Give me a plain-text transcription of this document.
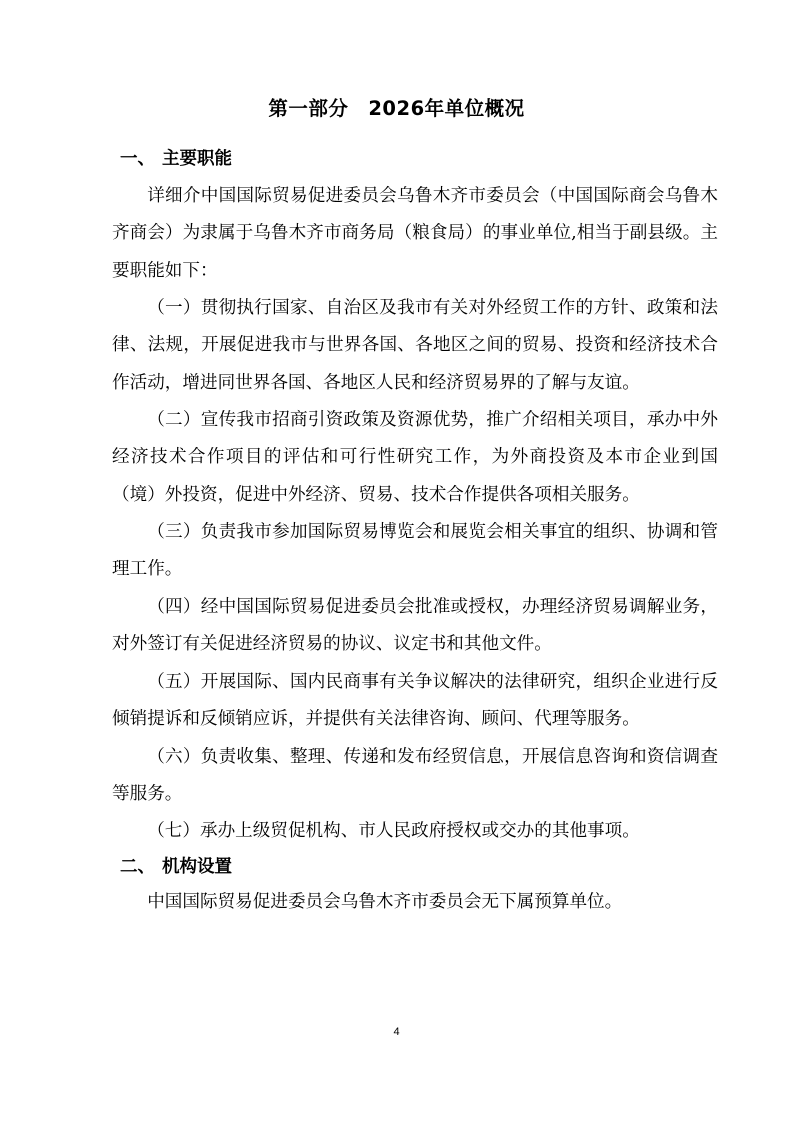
第一部分　2026年单位概况
一、 主要职能
详细介中国国际贸易促进委员会乌鲁木齐市委员会（中国国际商会乌鲁木齐商会）为隶属于乌鲁木齐市商务局（粮食局）的事业单位,相当于副县级。主要职能如下：
（一）贯彻执行国家、自治区及我市有关对外经贸工作的方针、政策和法律、法规，开展促进我市与世界各国、各地区之间的贸易、投资和经济技术合作活动，增进同世界各国、各地区人民和经济贸易界的了解与友谊。
（二）宣传我市招商引资政策及资源优势，推广介绍相关项目，承办中外经济技术合作项目的评估和可行性研究工作，为外商投资及本市企业到国（境）外投资，促进中外经济、贸易、技术合作提供各项相关服务。
（三）负责我市参加国际贸易博览会和展览会相关事宜的组织、协调和管理工作。
（四）经中国国际贸易促进委员会批准或授权，办理经济贸易调解业务，对外签订有关促进经济贸易的协议、议定书和其他文件。
（五）开展国际、国内民商事有关争议解决的法律研究，组织企业进行反倾销提诉和反倾销应诉，并提供有关法律咨询、顾问、代理等服务。
（六）负责收集、整理、传递和发布经贸信息，开展信息咨询和资信调查等服务。
（七）承办上级贸促机构、市人民政府授权或交办的其他事项。
二、 机构设置
中国国际贸易促进委员会乌鲁木齐市委员会无下属预算单位。
4
